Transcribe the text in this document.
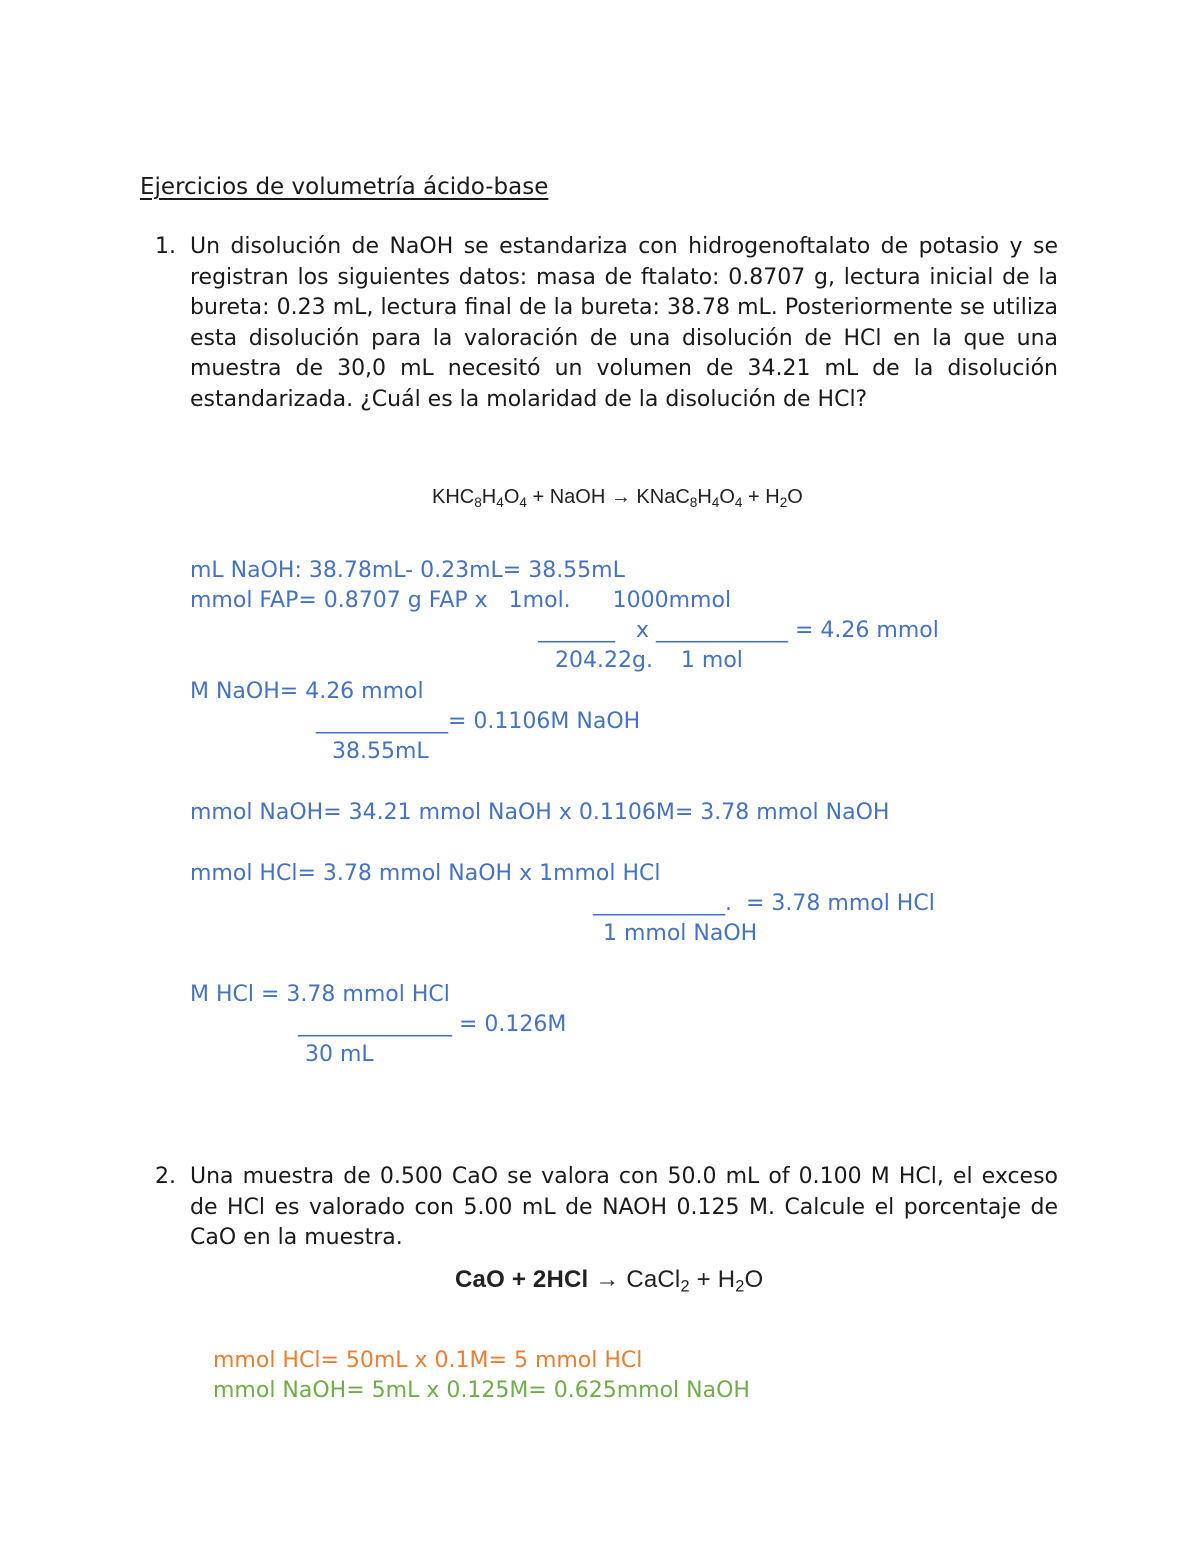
Ejercicios de volumetría ácido-base
1. Un disolución de NaOH se estandariza con hidrogenoftalato de potasio y se registran los siguientes datos: masa de ftalato: 0.8707 g, lectura inicial de la bureta: 0.23 mL, lectura final de la bureta: 38.78 mL. Posteriormente se utiliza esta disolución para la valoración de una disolución de HCl en la que una muestra de 30,0 mL necesitó un volumen de 34.21 mL de la disolución estandarizada. ¿Cuál es la molaridad de la disolución de HCl?
$KHC_8H_4O_4$ + NaOH → $KNaC_8H_4O_4 + H_2O$
mL NaOH: 38.78mL- 0.23mL= 38.55mL
mmol FAP= 0.8707 g FAP x   1mol.      1000mmol
_______   x ____________ = 4.26 mmol
204.22g.    1 mol
M NaOH= 4.26 mmol
____________= 0.1106M NaOH
38.55mL
mmol NaOH= 34.21 mmol NaOH x 0.1106M= 3.78 mmol NaOH
mmol HCl= 3.78 mmol NaOH x 1mmol HCl
____________.  = 3.78 mmol HCl
1 mmol NaOH
M HCl = 3.78 mmol HCl
______________ = 0.126M
30 mL
2. Una muestra de 0.500 CaO se valora con 50.0 mL of 0.100 M HCl, el exceso de HCl es valorado con 5.00 mL de NAOH 0.125 M. Calcule el porcentaje de CaO en la muestra.
CaO + 2HCl → CaCl$_2$ + $H_2O$
mmol HCl= 50mL x 0.1M= 5 mmol HCl
mmol NaOH= 5mL x 0.125M= 0.625mmol NaOH
